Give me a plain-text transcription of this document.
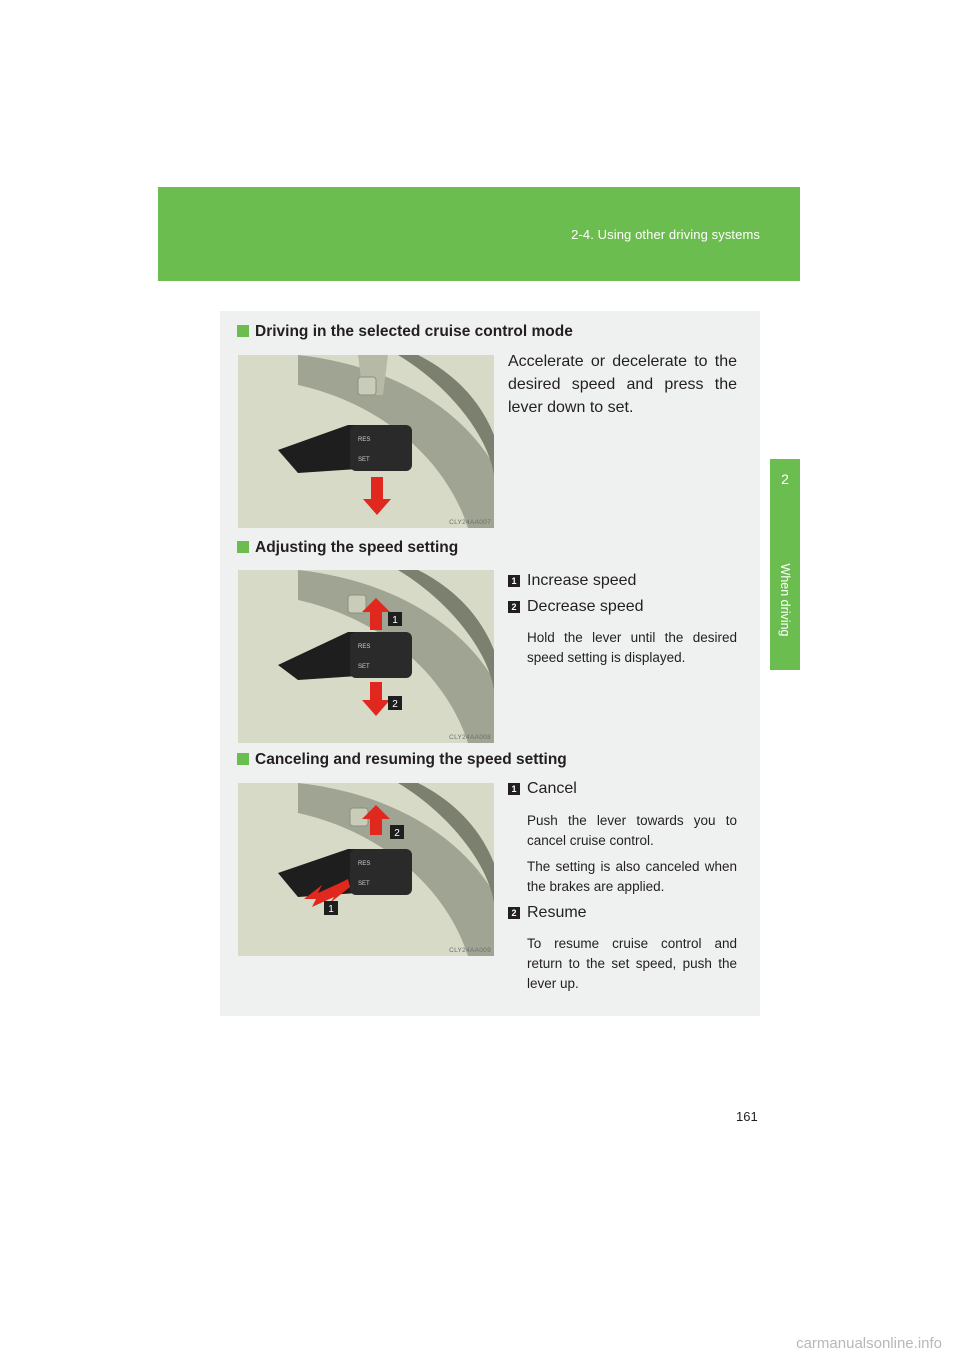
2-4. Using other driving systems
2
When driving
Driving in the selected cruise control mode
RES
SET
CLY24AA007
Accelerate or decelerate to the desired speed and press the lever down to set.
Adjusting the speed setting
RES
SET
1
2
CLY24AA008
1 Increase speed
2 Decrease speed
Hold the lever until the desired speed setting is displayed.
Canceling and resuming the speed setting
RES
SET
2
1
CLY24AA009
1 Cancel
Push the lever towards you to cancel cruise control.
The setting is also canceled when the brakes are applied.
2 Resume
To resume cruise control and return to the set speed, push the lever up.
161
carmanualsonline.info
